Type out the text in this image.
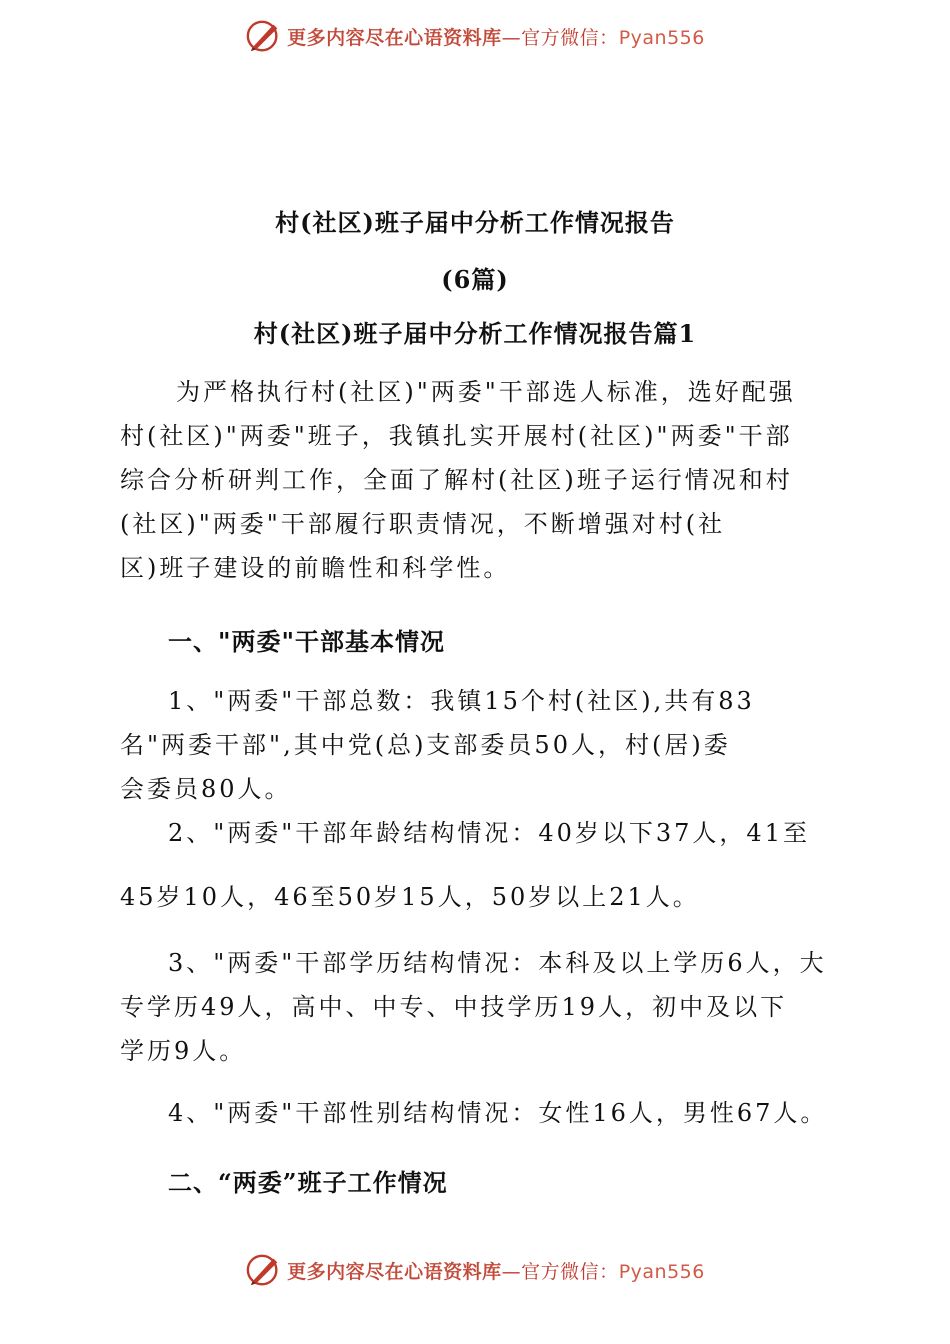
更多内容尽在心语资料库—官方微信：Pyan556
村(社区)班子届中分析工作情况报告
(6篇)
村(社区)班子届中分析工作情况报告篇1
为严格执行村(社区)"两委"干部选人标准，选好配强
村(社区)"两委"班子，我镇扎实开展村(社区)"两委"干部
综合分析研判工作，全面了解村(社区)班子运行情况和村
(社区)"两委"干部履行职责情况，不断增强对村(社
区)班子建设的前瞻性和科学性。
一、"两委"干部基本情况
1、"两委"干部总数：我镇15个村(社区),共有83
名"两委干部",其中党(总)支部委员50人，村(居)委
会委员80人。
2、"两委"干部年龄结构情况：40岁以下37人，41至
45岁10人，46至50岁15人，50岁以上21人。
3、"两委"干部学历结构情况：本科及以上学历6人，大
专学历49人，高中、中专、中技学历19人，初中及以下
学历9人。
4、"两委"干部性别结构情况：女性16人，男性67人。
二、“两委”班子工作情况
更多内容尽在心语资料库—官方微信：Pyan556
